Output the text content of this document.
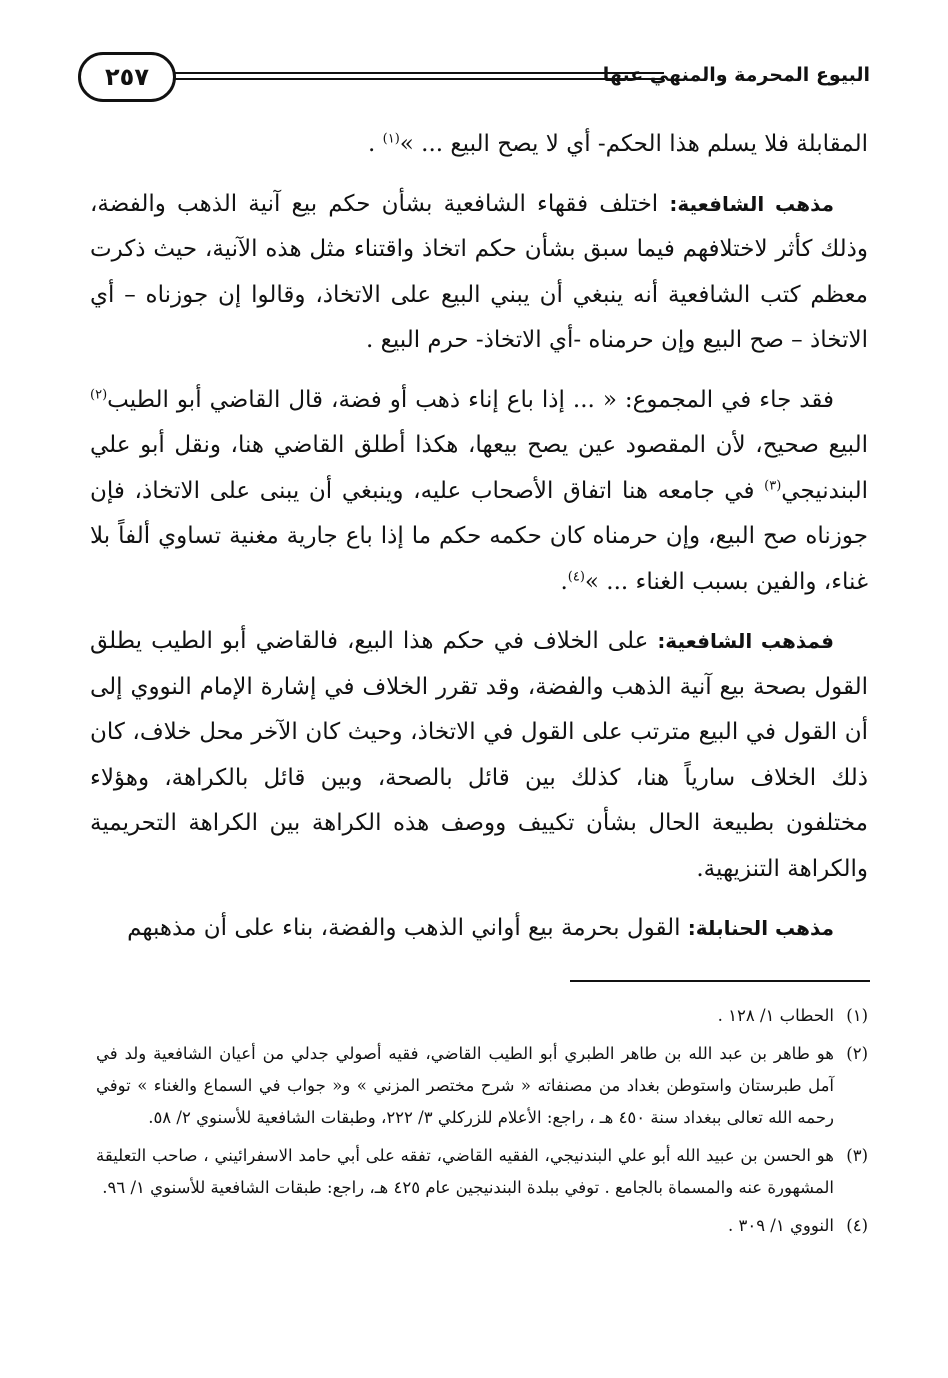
البيوع المحرمة والمنهي عنها
٢٥٧

المقابلة فلا يسلم هذا الحكم- أي لا يصح البيع ... »$^{(١)}$ .

مذهب الشافعية: اختلف فقهاء الشافعية بشأن حكم بيع آنية الذهب والفضة، وذلك كأثر لاختلافهم فيما سبق بشأن حكم اتخاذ واقتناء مثل هذه الآنية، حيث ذكرت معظم كتب الشافعية أنه ينبغي أن يبني البيع على الاتخاذ، وقالوا إن جوزناه – أي الاتخاذ – صح البيع وإن حرمناه -أي الاتخاذ- حرم البيع .

فقد جاء في المجموع: « ... إذا باع إناء ذهب أو فضة، قال القاضي أبو الطيب$^{(٢)}$ البيع صحيح، لأن المقصود عين يصح بيعها، هكذا أطلق القاضي هنا، ونقل أبو علي البندنيجي$^{(٣)}$ في جامعه هنا اتفاق الأصحاب عليه، وينبغي أن يبنى على الاتخاذ، فإن جوزناه صح البيع، وإن حرمناه كان حكمه حكم ما إذا باع جارية مغنية تساوي ألفاً بلا غناء، والفين بسبب الغناء ... »$^{(٤)}$.

فمذهب الشافعية: على الخلاف في حكم هذا البيع، فالقاضي أبو الطيب يطلق القول بصحة بيع آنية الذهب والفضة، وقد تقرر الخلاف في إشارة الإمام النووي إلى أن القول في البيع مترتب على القول في الاتخاذ، وحيث كان الآخر محل خلاف، كان ذلك الخلاف سارياً هنا، كذلك بين قائل بالصحة، وبين قائل بالكراهة، وهؤلاء مختلفون بطبيعة الحال بشأن تكييف ووصف هذه الكراهة بين الكراهة التحريمية والكراهة التنزيهية.

مذهب الحنابلة: القول بحرمة بيع أواني الذهب والفضة، بناء على أن مذهبهم

(١)
الحطاب ١/ ١٢٨ .
(٢)
هو طاهر بن عبد الله بن طاهر الطبري أبو الطيب القاضي، فقيه أصولي جدلي من أعيان الشافعية ولد في آمل طبرستان واستوطن بغداد من مصنفاته « شرح مختصر المزني » و« جواب في السماع والغناء » توفي رحمه الله تعالى ببغداد سنة ٤٥٠ هـ ، راجع: الأعلام للزركلي ٣/ ٢٢٢، وطبقات الشافعية للأسنوي ٢/ ٥٨.
(٣)
هو الحسن بن عبيد الله أبو علي البندنيجي، الفقيه القاضي، تفقه على أبي حامد الاسفرائيني ، صاحب التعليقة المشهورة عنه والمسماة بالجامع . توفي ببلدة البندنيجين عام ٤٢٥ هـ، راجع: طبقات الشافعية للأسنوي ١/ ٩٦.
(٤)
النووي ١/ ٣٠٩ .
